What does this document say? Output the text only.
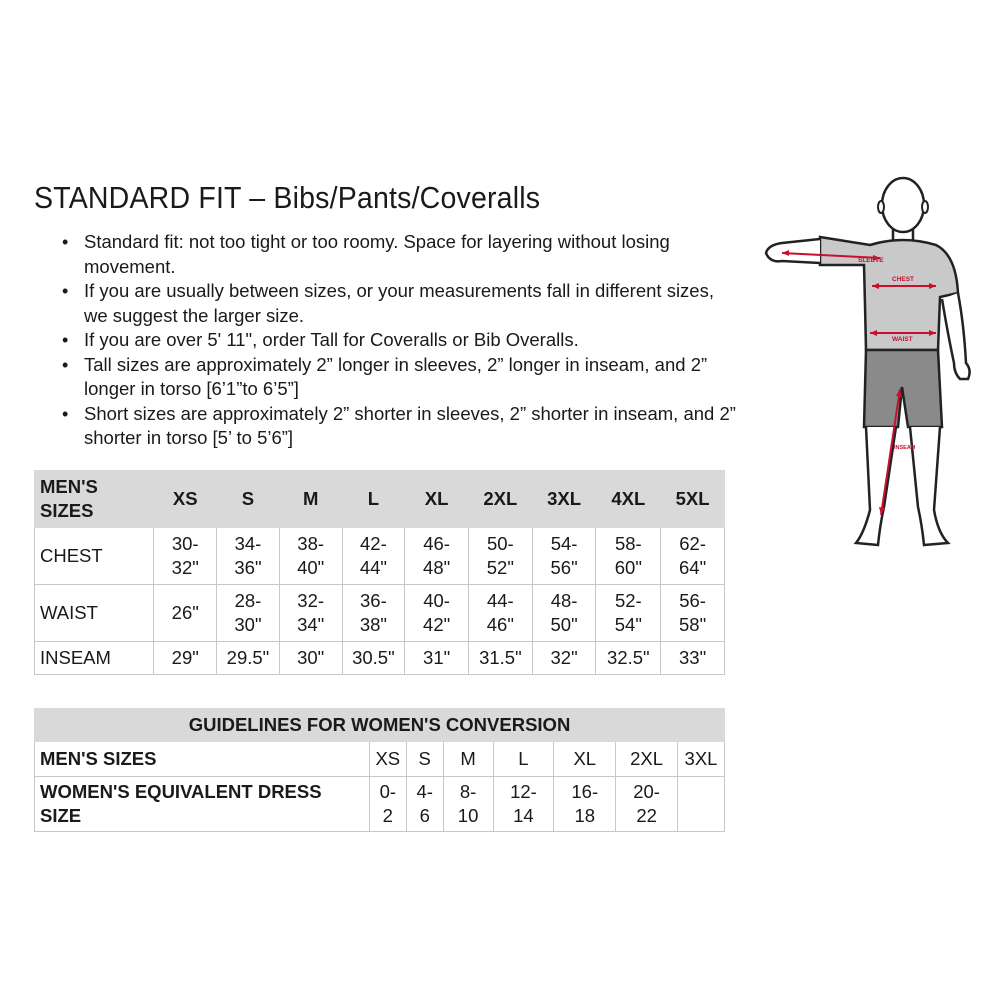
STANDARD FIT – Bibs/Pants/Coveralls
• Standard fit: not too tight or too roomy. Space for layering without losing movement.
• If you are usually between sizes, or your measurements fall in different sizes, we suggest the larger size.
• If you are over 5' 11", order Tall for Coveralls or Bib Overalls.
• Tall sizes are approximately 2” longer in sleeves, 2” longer in inseam, and 2” longer in torso [6’1”to 6’5”]
• Short sizes are approximately 2” shorter in sleeves, 2” shorter in inseam, and 2” shorter in torso [5’ to 5’6”]
MEN'S SIZES	XS	S	M	L	XL	2XL	3XL	4XL	5XL
CHEST	30-32"	34-36"	38-40"	42-44"	46-48"	50-52"	54-56"	58-60"	62-64"

WAIST	26"	28-30"	32-34"	36-38"	40-42"	44-46"	48-50"	52-54"	56-58"

INSEAM	29"	29.5"	30"	30.5"	31"	31.5"	32"	32.5"	33"
GUIDELINES FOR WOMEN'S CONVERSION							
MEN'S SIZES	XS	S	M	L	XL	2XL	3XL

WOMEN'S EQUIVALENT DRESS SIZE	0-2	4-6	8-10	12-14	16-18	20-22	

SLEEVE
CHEST
WAIST
INSEAM
